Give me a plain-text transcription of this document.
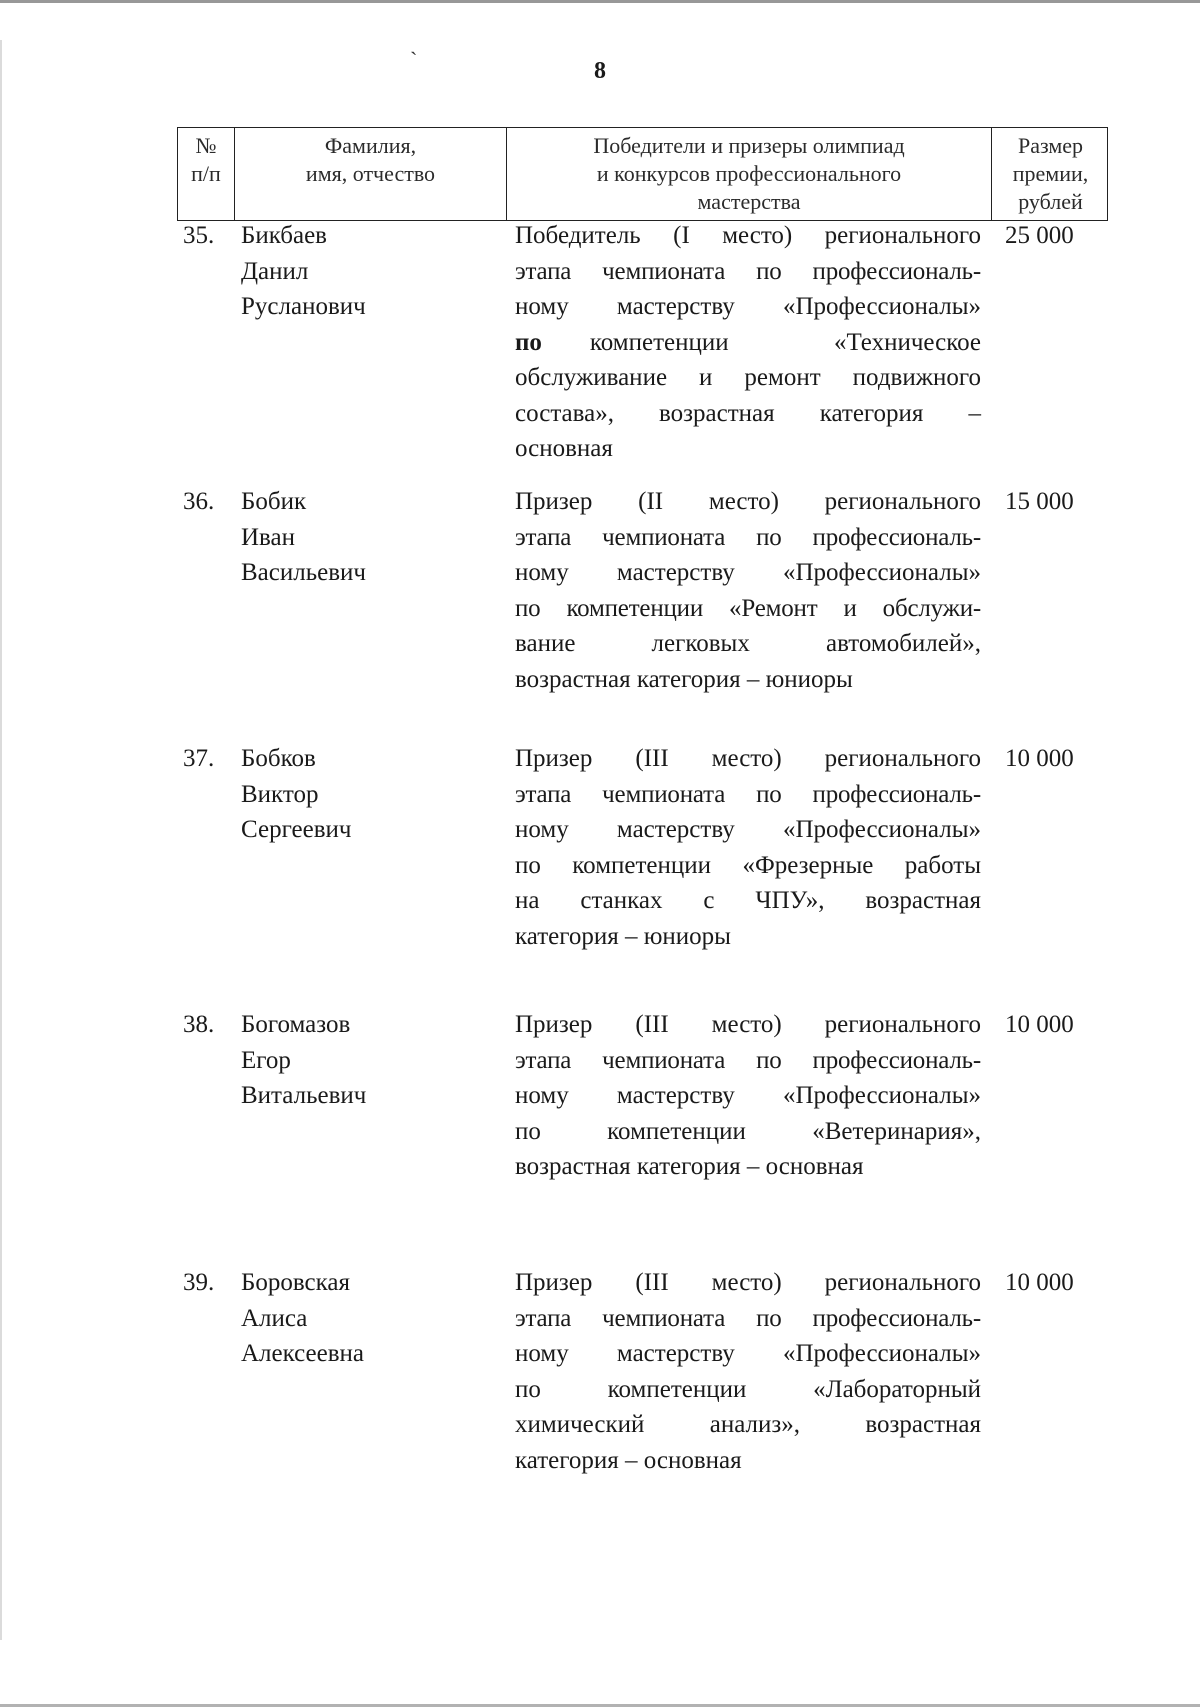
ˏ
8
№
п/п
Фамилия,
имя, отчество
Победители и призеры олимпиад
и конкурсов профессионального
мастерства
Размер
премии,
рублей
35. Бикбаев
Данил
Русланович
Победитель (I место) регионального
этапа чемпионата по профессиональ-
ному мастерству «Профессионалы»
по компетенции «Техническое
обслуживание и ремонт подвижного
состава», возрастная категория –
основная
25 000
36. Бобик
Иван
Васильевич
Призер (II место) регионального
этапа чемпионата по профессиональ-
ному мастерству «Профессионалы»
по компетенции «Ремонт и обслужи-
вание легковых автомобилей»,
возрастная категория – юниоры
15 000
37. Бобков
Виктор
Сергеевич
Призер (III место) регионального
этапа чемпионата по профессиональ-
ному мастерству «Профессионалы»
по компетенции «Фрезерные работы
на станках с ЧПУ», возрастная
категория – юниоры
10 000
38. Богомазов
Егор
Витальевич
Призер (III место) регионального
этапа чемпионата по профессиональ-
ному мастерству «Профессионалы»
по компетенции «Ветеринария»,
возрастная категория – основная
10 000
39. Боровская
Алиса
Алексеевна
Призер (III место) регионального
этапа чемпионата по профессиональ-
ному мастерству «Профессионалы»
по компетенции «Лабораторный
химический анализ», возрастная
категория – основная
10 000
